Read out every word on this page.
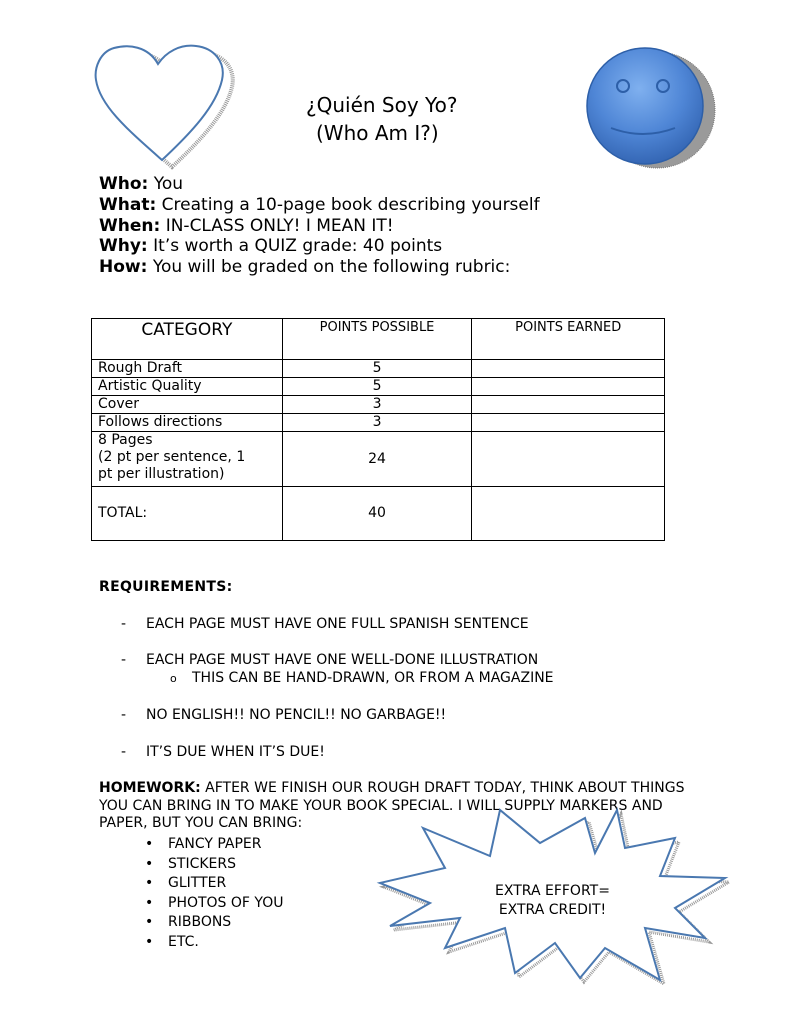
¿Quién Soy Yo?
(Who Am I?)
Who: You
What: Creating a 10-page book describing yourself
When: IN-CLASS ONLY! I MEAN IT!
Why: It’s worth a QUIZ grade: 40 points
How: You will be graded on the following rubric:
CATEGORY	POINTS POSSIBLE	POINTS EARNED
Rough Draft	5	
Artistic Quality	5	
Cover	3	
Follows directions	3	

8 Pages
(2 pt per sentence, 1
pt per illustration)	24	
TOTAL:	40	
REQUIREMENTS:
- EACH PAGE MUST HAVE ONE FULL SPANISH SENTENCE
- EACH PAGE MUST HAVE ONE WELL-DONE ILLUSTRATION
o THIS CAN BE HAND-DRAWN, OR FROM A MAGAZINE
- NO ENGLISH!! NO PENCIL!! NO GARBAGE!!
- IT’S DUE WHEN IT’S DUE!
HOMEWORK: AFTER WE FINISH OUR ROUGH DRAFT TODAY, THINK ABOUT THINGS YOU CAN BRING IN TO MAKE YOUR BOOK SPECIAL. I WILL SUPPLY MARKERS AND PAPER, BUT YOU CAN BRING:
• FANCY PAPER
• STICKERS
• GLITTER
• PHOTOS OF YOU
• RIBBONS
• ETC.
EXTRA EFFORT=
EXTRA CREDIT!
